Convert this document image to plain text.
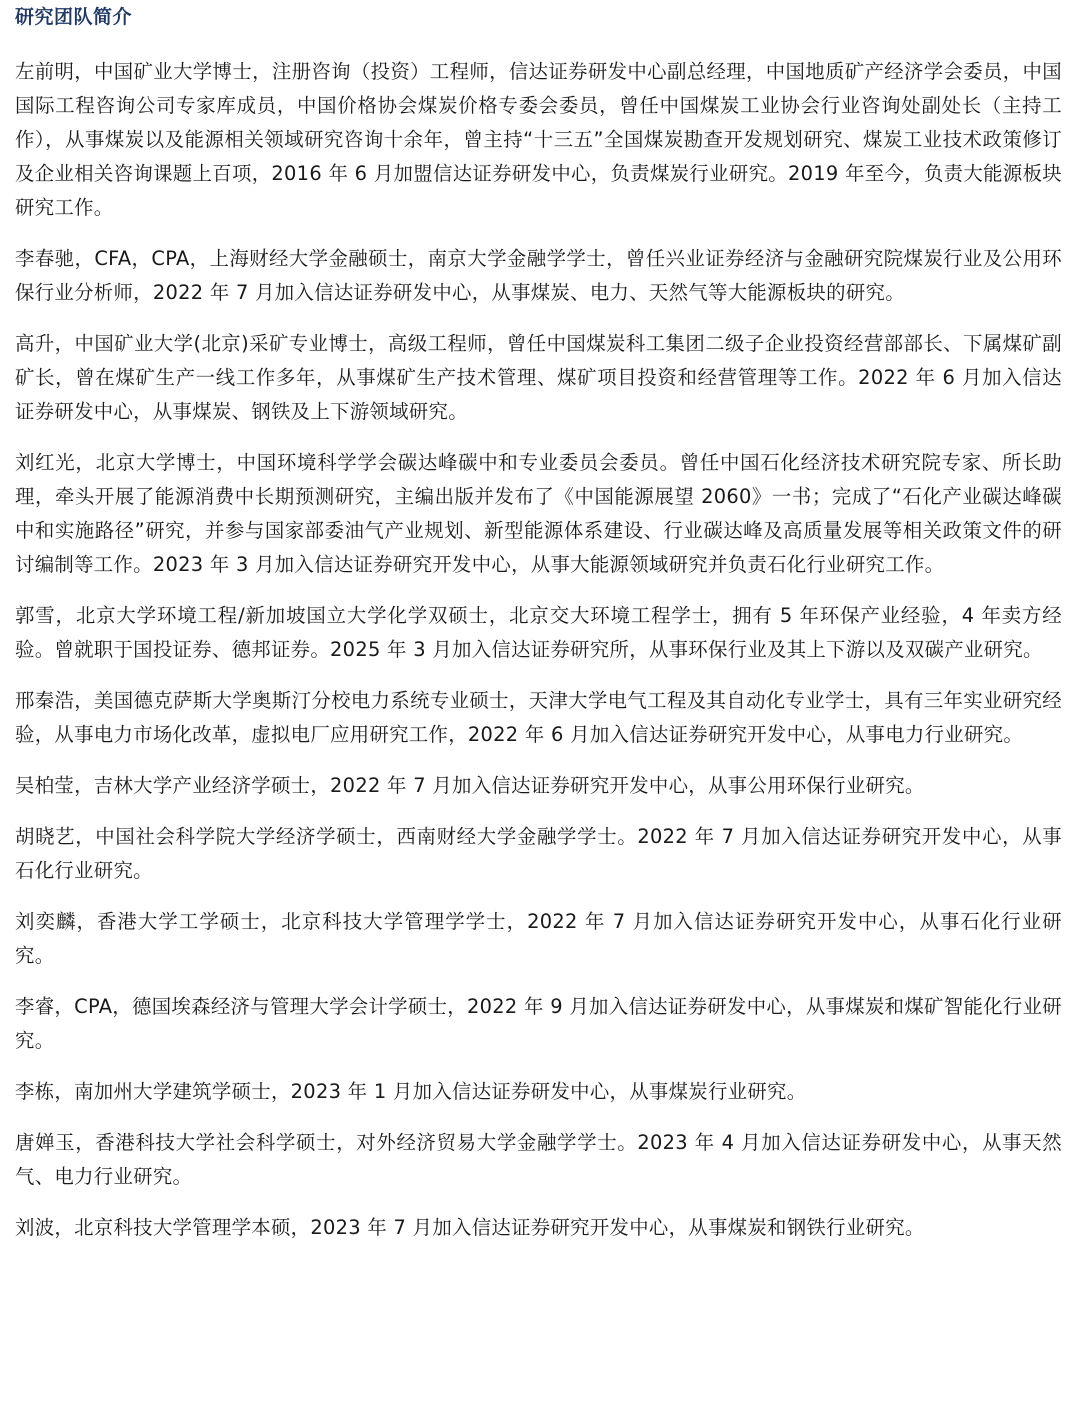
研究团队简介

左前明，中国矿业大学博士，注册咨询（投资）工程师，信达证券研发中心副总经理，中国地质矿产经济学会委员，中国国际工程咨询公司专家库成员，中国价格协会煤炭价格专委会委员，曾任中国煤炭工业协会行业咨询处副处长（主持工作），从事煤炭以及能源相关领域研究咨询十余年，曾主持“十三五”全国煤炭勘查开发规划研究、煤炭工业技术政策修订及企业相关咨询课题上百项，2016 年 6 月加盟信达证券研发中心，负责煤炭行业研究。2019 年至今，负责大能源板块研究工作。

李春驰，CFA，CPA，上海财经大学金融硕士，南京大学金融学学士，曾任兴业证券经济与金融研究院煤炭行业及公用环保行业分析师，2022 年 7 月加入信达证券研发中心，从事煤炭、电力、天然气等大能源板块的研究。

高升，中国矿业大学(北京)采矿专业博士，高级工程师，曾任中国煤炭科工集团二级子企业投资经营部部长、下属煤矿副矿长，曾在煤矿生产一线工作多年，从事煤矿生产技术管理、煤矿项目投资和经营管理等工作。2022 年 6 月加入信达证券研发中心，从事煤炭、钢铁及上下游领域研究。

刘红光，北京大学博士，中国环境科学学会碳达峰碳中和专业委员会委员。曾任中国石化经济技术研究院专家、所长助理，牵头开展了能源消费中长期预测研究，主编出版并发布了《中国能源展望 2060》一书；完成了“石化产业碳达峰碳中和实施路径”研究，并参与国家部委油气产业规划、新型能源体系建设、行业碳达峰及高质量发展等相关政策文件的研讨编制等工作。2023 年 3 月加入信达证券研究开发中心，从事大能源领域研究并负责石化行业研究工作。

郭雪，北京大学环境工程/新加坡国立大学化学双硕士，北京交大环境工程学士，拥有 5 年环保产业经验，4 年卖方经验。曾就职于国投证券、德邦证券。2025 年 3 月加入信达证券研究所，从事环保行业及其上下游以及双碳产业研究。

邢秦浩，美国德克萨斯大学奥斯汀分校电力系统专业硕士，天津大学电气工程及其自动化专业学士，具有三年实业研究经验，从事电力市场化改革，虚拟电厂应用研究工作，2022 年 6 月加入信达证券研究开发中心，从事电力行业研究。

吴柏莹，吉林大学产业经济学硕士，2022 年 7 月加入信达证券研究开发中心，从事公用环保行业研究。

胡晓艺，中国社会科学院大学经济学硕士，西南财经大学金融学学士。2022 年 7 月加入信达证券研究开发中心，从事石化行业研究。

刘奕麟，香港大学工学硕士，北京科技大学管理学学士，2022 年 7 月加入信达证券研究开发中心，从事石化行业研究。

李睿，CPA，德国埃森经济与管理大学会计学硕士，2022 年 9 月加入信达证券研发中心，从事煤炭和煤矿智能化行业研究。

李栋，南加州大学建筑学硕士，2023 年 1 月加入信达证券研发中心，从事煤炭行业研究。

唐婵玉，香港科技大学社会科学硕士，对外经济贸易大学金融学学士。2023 年 4 月加入信达证券研发中心，从事天然气、电力行业研究。

刘波，北京科技大学管理学本硕，2023 年 7 月加入信达证券研究开发中心，从事煤炭和钢铁行业研究。
